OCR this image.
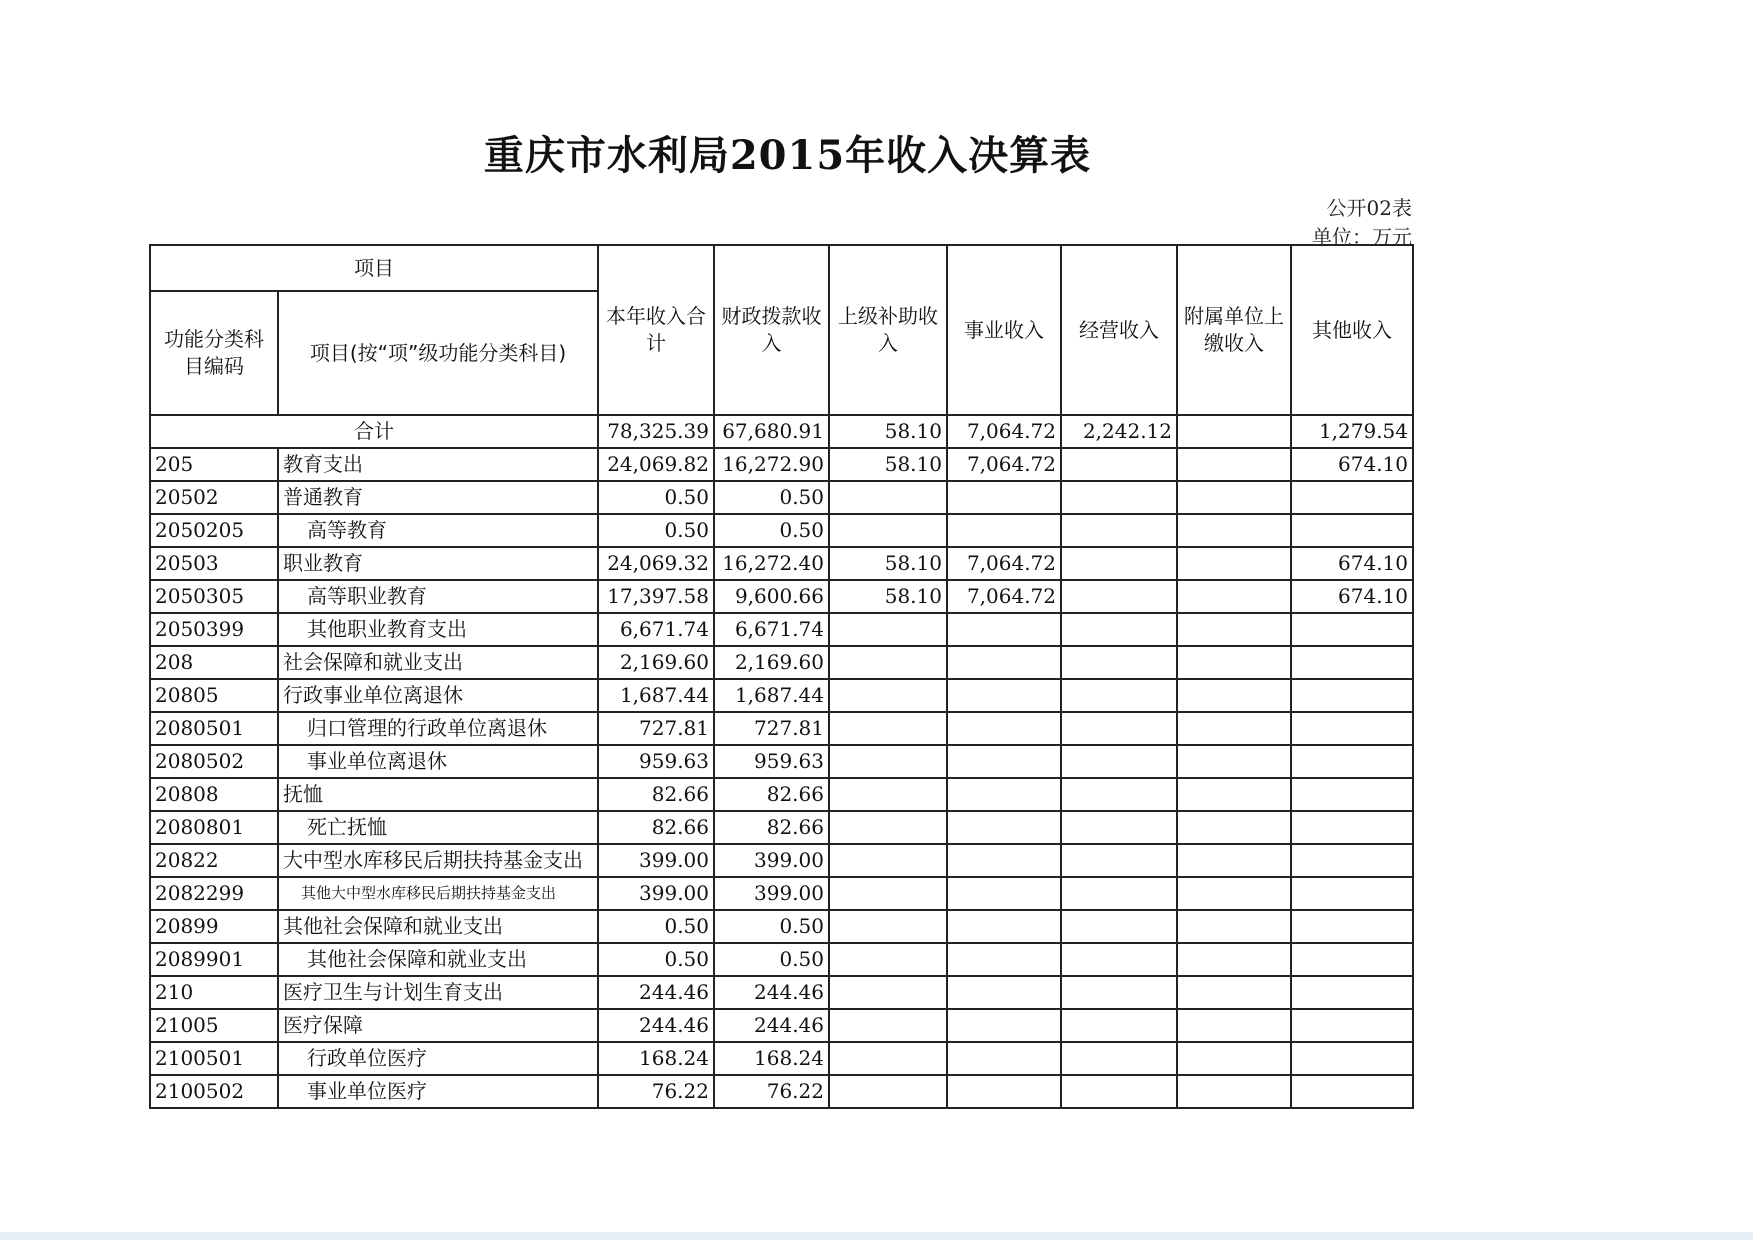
重庆市水利局2015年收入决算表
公开02表
单位：万元
项目		本年收入合计	财政拨款收入	上级补助收入	事业收入	经营收入	附属单位上缴收入	其他收入
功能分类科目编码	项目(按“项”级功能分类科目)							
合计		78,325.39	67,680.91	58.10	7,064.72	2,242.12		1,279.54
205	教育支出	24,069.82	16,272.90	58.10	7,064.72			674.10
20502	普通教育	0.50	0.50					
2050205	高等教育	0.50	0.50					
20503	职业教育	24,069.32	16,272.40	58.10	7,064.72			674.10
2050305	高等职业教育	17,397.58	9,600.66	58.10	7,064.72			674.10
2050399	其他职业教育支出	6,671.74	6,671.74					
208	社会保障和就业支出	2,169.60	2,169.60					
20805	行政事业单位离退休	1,687.44	1,687.44					
2080501	归口管理的行政单位离退休	727.81	727.81					
2080502	事业单位离退休	959.63	959.63					
20808	抚恤	82.66	82.66					
2080801	死亡抚恤	82.66	82.66					
20822	大中型水库移民后期扶持基金支出	399.00	399.00					
2082299	其他大中型水库移民后期扶持基金支出	399.00	399.00					
20899	其他社会保障和就业支出	0.50	0.50					
2089901	其他社会保障和就业支出	0.50	0.50					
210	医疗卫生与计划生育支出	244.46	244.46					
21005	医疗保障	244.46	244.46					
2100501	行政单位医疗	168.24	168.24					
2100502	事业单位医疗	76.22	76.22					
